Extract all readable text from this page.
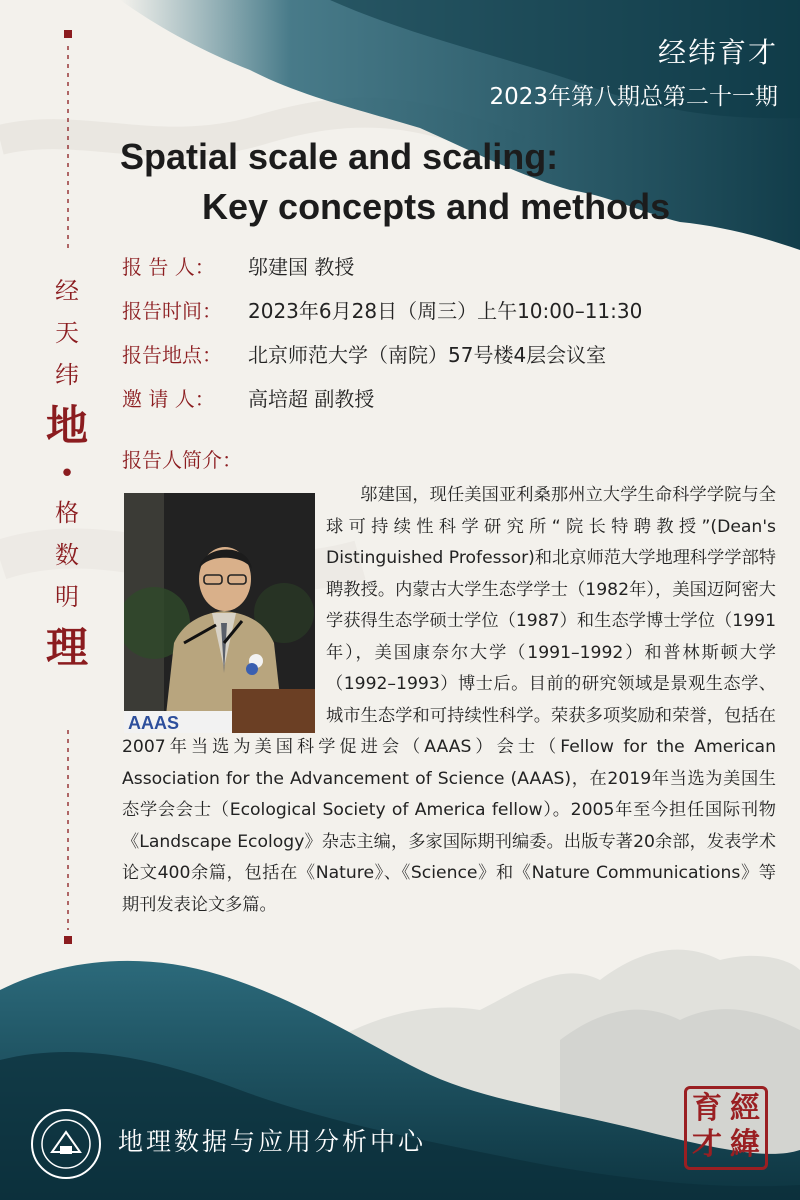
经纬育才
2023年第八期总第二十一期
Spatial scale and scaling:
Key concepts and methods
报 告 人： 邬建国 教授
报告时间： 2023年6月28日（周三）上午10:00–11:30
报告地点： 北京师范大学（南院）57号楼4层会议室
邀 请 人： 高培超 副教授
报告人简介：
AAAS
邬建国，现任美国亚利桑那州立大学生命科学学院与全球可持续性科学研究所“院长特聘教授”(Dean's Distinguished Professor)和北京师范大学地理科学学部特聘教授。内蒙古大学生态学学士（1982年），美国迈阿密大学获得生态学硕士学位（1987）和生态学博士学位（1991年），美国康奈尔大学（1991–1992）和普林斯顿大学（1992–1993）博士后。目前的研究领域是景观生态学、城市生态学和可持续性科学。荣获多项奖励和荣誉，包括在2007年当选为美国科学促进会（AAAS）会士（Fellow for the American Association for the Advancement of Science (AAAS)，在2019年当选为美国生态学会会士（Ecological Society of America fellow）。2005年至今担任国际刊物《Landscape Ecology》杂志主编，多家国际期刊编委。出版专著20余部，发表学术论文400余篇，包括在《Nature》、《Science》和《Nature Communications》等期刊发表论文多篇。
经
天
纬
地
•
格
数
明
理
地理数据与应用分析中心
經
緯
育
才
